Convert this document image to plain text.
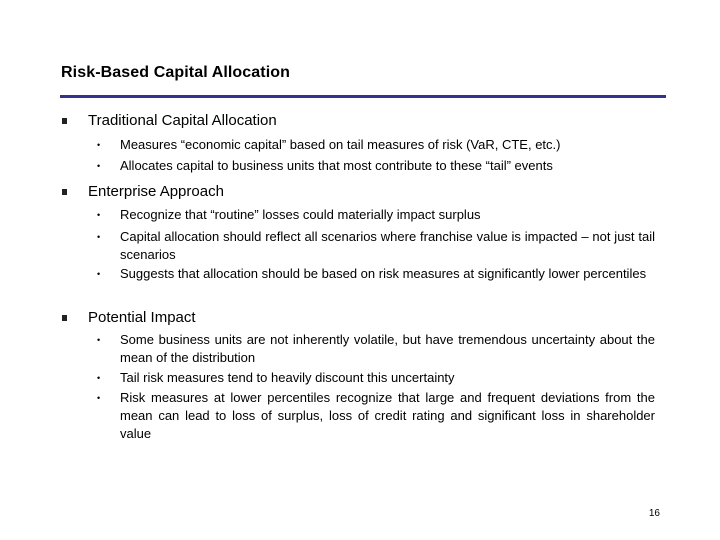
Risk-Based Capital Allocation
Traditional Capital Allocation
• Measures “economic capital” based on tail measures of risk (VaR, CTE, etc.)
• Allocates capital to business units that most contribute to these “tail” events
Enterprise Approach
• Recognize that “routine” losses could materially impact surplus
• Capital allocation should reflect all scenarios where franchise value is impacted – not just tail scenarios
• Suggests that allocation should be based on risk measures at significantly lower percentiles
Potential Impact
• Some business units are not inherently volatile, but have tremendous uncertainty about the mean of the distribution
• Tail risk measures tend to heavily discount this uncertainty
• Risk measures at lower percentiles recognize that large and frequent deviations from the mean can lead to loss of surplus, loss of credit rating and significant loss in shareholder value
16
